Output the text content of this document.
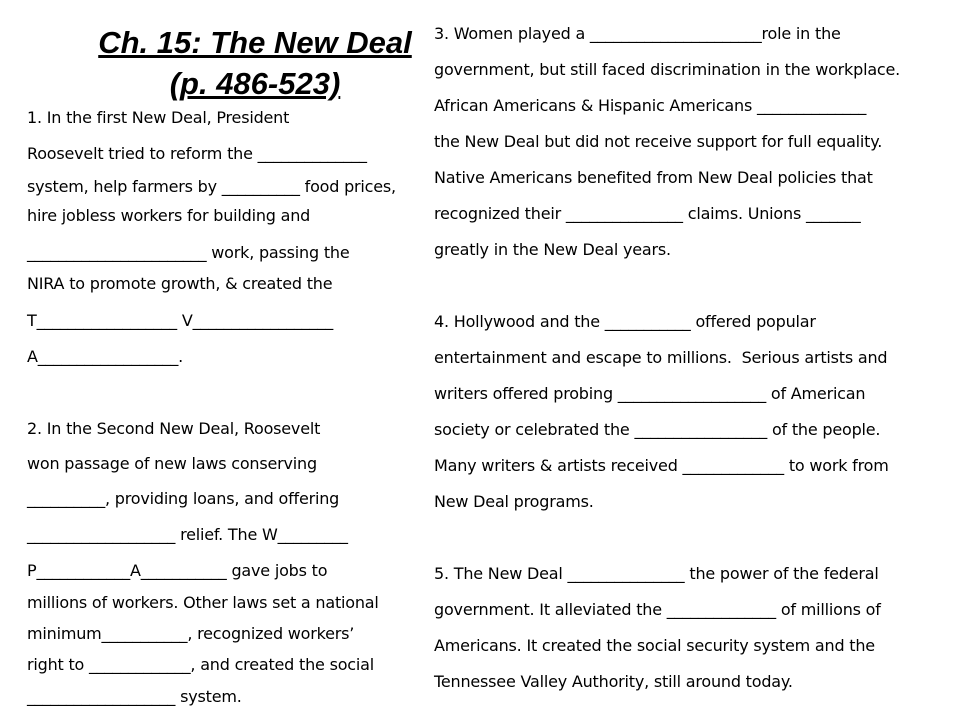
Ch. 15: The New Deal
(p. 486-523)
1. In the first New Deal, President
Roosevelt tried to reform the ______________
system, help farmers by __________ food prices,
hire jobless workers for building and
_______________________ work, passing the
NIRA to promote growth, & created the
T__________________ V__________________
A__________________.
2. In the Second New Deal, Roosevelt
won passage of new laws conserving
__________, providing loans, and offering
___________________ relief. The W_________
P____________A___________ gave jobs to
millions of workers. Other laws set a national
minimum___________, recognized workers’
right to _____________, and created the social
___________________ system.
3. Women played a ______________________role in the
government, but still faced discrimination in the workplace.
African Americans & Hispanic Americans ______________
the New Deal but did not receive support for full equality.
Native Americans benefited from New Deal policies that
recognized their _______________ claims. Unions _______
greatly in the New Deal years.
4. Hollywood and the ___________ offered popular
entertainment and escape to millions.  Serious artists and
writers offered probing ___________________ of American
society or celebrated the _________________ of the people.
Many writers & artists received _____________ to work from
New Deal programs.
5. The New Deal _______________ the power of the federal
government. It alleviated the ______________ of millions of
Americans. It created the social security system and the
Tennessee Valley Authority, still around today.
